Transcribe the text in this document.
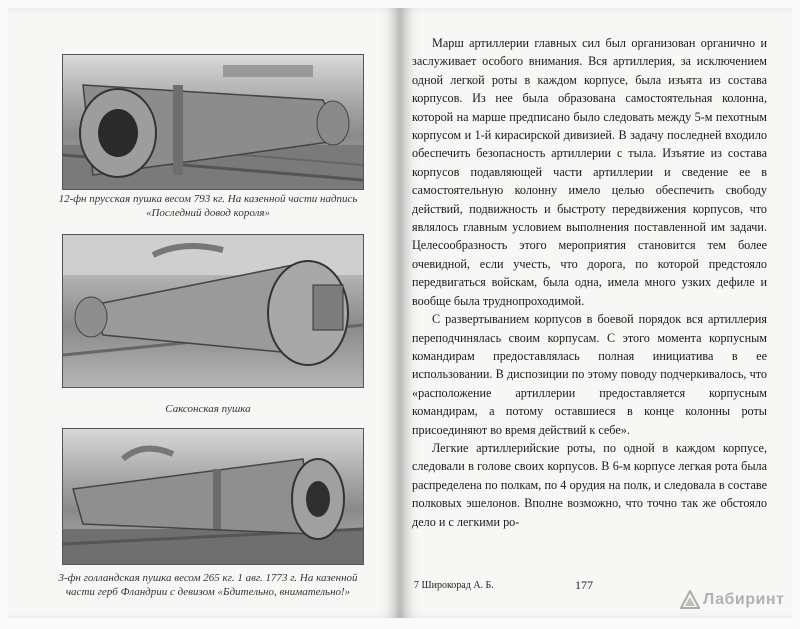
12-фн прусская пушка весом 793 кг. На казенной части надпись «Последний довод короля»
Саксонская пушка
3-фн голландская пушка весом 265 кг. 1 авг. 1773 г. На казенной части герб Фландрии с девизом «Бдительно, внимательно!»

Марш артиллерии главных сил был организован органично и заслуживает особого внимания. Вся артиллерия, за исключением одной легкой роты в каждом корпусе, была изъята из состава корпусов. Из нее была образована самостоятельная колонна, которой на марше предписано было следовать между 5-м пехотным корпусом и 1-й кирасирской дивизией. В задачу последней входило обеспечить безопасность артиллерии с тыла. Изъятие из состава корпусов подавляющей части артиллерии и сведение ее в самостоятельную колонну имело целью обеспечить свободу действий, подвижность и быстроту передвижения корпусов, что являлось главным условием выполнения поставленной им задачи. Целесообразность этого мероприятия становится тем более очевидной, если учесть, что дорога, по которой предстояло передвигаться войскам, была одна, имела много узких дефиле и вообще была труднопроходимой.

С развертыванием корпусов в боевой порядок вся артиллерия переподчинялась своим корпусам. С этого момента корпусным командирам предоставлялась полная инициатива в ее использовании. В диспозиции по этому поводу подчеркивалось, что «расположение артиллерии предоставляется корпусным командирам, а потому оставшиеся в конце колонны роты присоединяют во время действий к себе».

Легкие артиллерийские роты, по одной в каждом корпусе, следовали в голове своих корпусов. В 6-м корпусе легкая рота была распределена по полкам, по 4 орудия на полк, и следовала в составе полковых эшелонов. Вполне возможно, что точно так же обстояло дело и с легкими ро-

7 Широкорад А. Б.	177
Лабиринт
